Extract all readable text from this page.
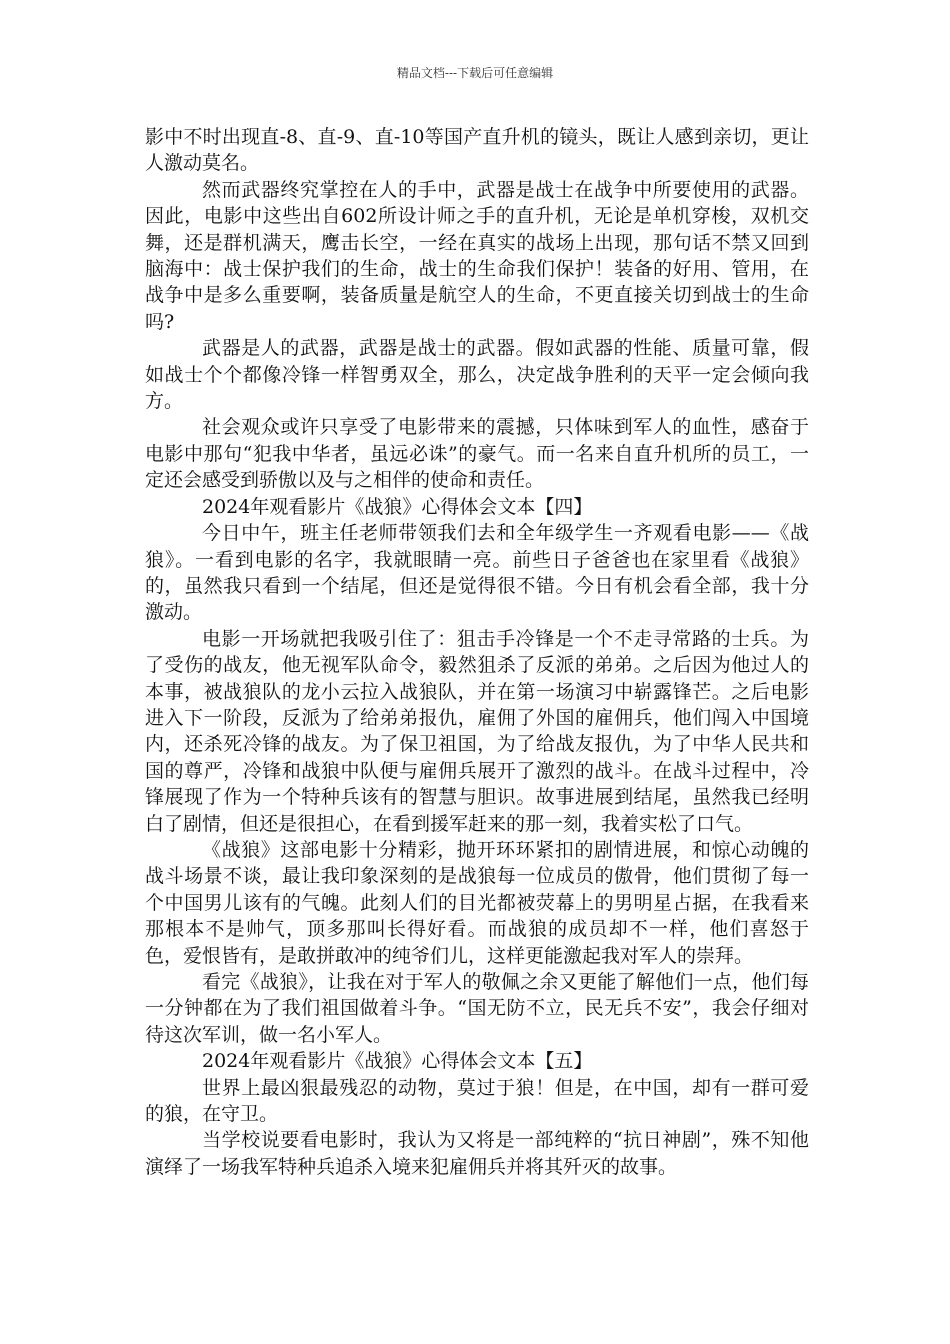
精品文档---下载后可任意编辑

影中不时出现直-8、直-9、直-10等国产直升机的镜头，既让人感到亲切，更让人激动莫名。

然而武器终究掌控在人的手中，武器是战士在战争中所要使用的武器。因此，电影中这些出自602所设计师之手的直升机，无论是单机穿梭，双机交舞，还是群机满天，鹰击长空，一经在真实的战场上出现，那句话不禁又回到脑海中：战士保护我们的生命，战士的生命我们保护！装备的好用、管用，在战争中是多么重要啊，装备质量是航空人的生命，不更直接关切到战士的生命吗?

武器是人的武器，武器是战士的武器。假如武器的性能、质量可靠，假如战士个个都像冷锋一样智勇双全，那么，决定战争胜利的天平一定会倾向我方。

社会观众或许只享受了电影带来的震撼，只体味到军人的血性，感奋于电影中那句“犯我中华者，虽远必诛”的豪气。而一名来自直升机所的员工，一定还会感受到骄傲以及与之相伴的使命和责任。

2024年观看影片《战狼》心得体会文本【四】

今日中午，班主任老师带领我们去和全年级学生一齐观看电影——《战狼》。一看到电影的名字，我就眼睛一亮。前些日子爸爸也在家里看《战狼》的，虽然我只看到一个结尾，但还是觉得很不错。今日有机会看全部，我十分激动。

电影一开场就把我吸引住了：狙击手冷锋是一个不走寻常路的士兵。为了受伤的战友，他无视军队命令，毅然狙杀了反派的弟弟。之后因为他过人的本事，被战狼队的龙小云拉入战狼队，并在第一场演习中崭露锋芒。之后电影进入下一阶段，反派为了给弟弟报仇，雇佣了外国的雇佣兵，他们闯入中国境内，还杀死冷锋的战友。为了保卫祖国，为了给战友报仇，为了中华人民共和国的尊严，冷锋和战狼中队便与雇佣兵展开了激烈的战斗。在战斗过程中，冷锋展现了作为一个特种兵该有的智慧与胆识。故事进展到结尾，虽然我已经明白了剧情，但还是很担心，在看到援军赶来的那一刻，我着实松了口气。

《战狼》这部电影十分精彩，抛开环环紧扣的剧情进展，和惊心动魄的战斗场景不谈，最让我印象深刻的是战狼每一位成员的傲骨，他们贯彻了每一个中国男儿该有的气魄。此刻人们的目光都被荧幕上的男明星占据，在我看来那根本不是帅气，顶多那叫长得好看。而战狼的成员却不一样，他们喜怒于色，爱恨皆有，是敢拼敢冲的纯爷们儿，这样更能激起我对军人的崇拜。

看完《战狼》，让我在对于军人的敬佩之余又更能了解他们一点，他们每一分钟都在为了我们祖国做着斗争。“国无防不立，民无兵不安”，我会仔细对待这次军训，做一名小军人。

2024年观看影片《战狼》心得体会文本【五】

世界上最凶狠最残忍的动物，莫过于狼！但是，在中国，却有一群可爱的狼，在守卫。

当学校说要看电影时，我认为又将是一部纯粹的“抗日神剧”，殊不知他演绎了一场我军特种兵追杀入境来犯雇佣兵并将其歼灭的故事。
